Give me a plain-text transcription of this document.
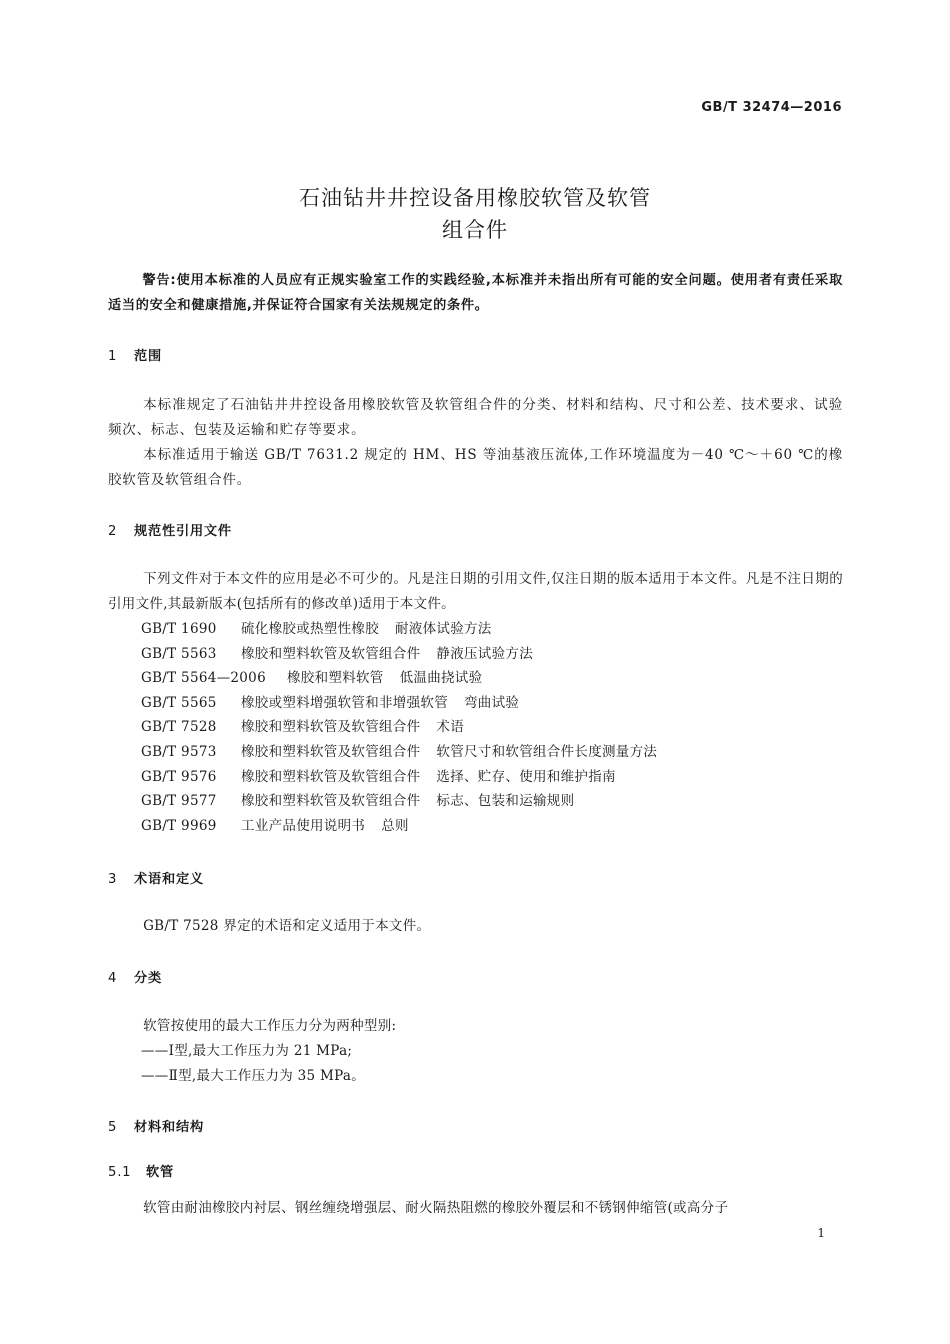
GB/T 32474—2016
石油钻井井控设备用橡胶软管及软管
组合件
警告:使用本标准的人员应有正规实验室工作的实践经验,本标准并未指出所有可能的安全问题。使用者有责任采取适当的安全和健康措施,并保证符合国家有关法规规定的条件。
1 范围
本标准规定了石油钻井井控设备用橡胶软管及软管组合件的分类、材料和结构、尺寸和公差、技术要求、试验频次、标志、包装及运输和贮存等要求。
本标准适用于输送 GB/T 7631.2 规定的 HM、HS 等油基液压流体,工作环境温度为－40 ℃～＋60 ℃的橡胶软管及软管组合件。
2 规范性引用文件
下列文件对于本文件的应用是必不可少的。凡是注日期的引用文件,仅注日期的版本适用于本文件。凡是不注日期的引用文件,其最新版本(包括所有的修改单)适用于本文件。
GB/T 1690 硫化橡胶或热塑性橡胶 耐液体试验方法
GB/T 5563 橡胶和塑料软管及软管组合件 静液压试验方法
GB/T 5564—2006 橡胶和塑料软管 低温曲挠试验
GB/T 5565 橡胶或塑料增强软管和非增强软管 弯曲试验
GB/T 7528 橡胶和塑料软管及软管组合件 术语
GB/T 9573 橡胶和塑料软管及软管组合件 软管尺寸和软管组合件长度测量方法
GB/T 9576 橡胶和塑料软管及软管组合件 选择、贮存、使用和维护指南
GB/T 9577 橡胶和塑料软管及软管组合件 标志、包装和运输规则
GB/T 9969 工业产品使用说明书 总则
3 术语和定义
GB/T 7528 界定的术语和定义适用于本文件。
4 分类
软管按使用的最大工作压力分为两种型别:
——Ⅰ型,最大工作压力为 21 MPa;
——Ⅱ型,最大工作压力为 35 MPa。
5 材料和结构
5.1 软管
软管由耐油橡胶内衬层、钢丝缠绕增强层、耐火隔热阻燃的橡胶外覆层和不锈钢伸缩管(或高分子
1
